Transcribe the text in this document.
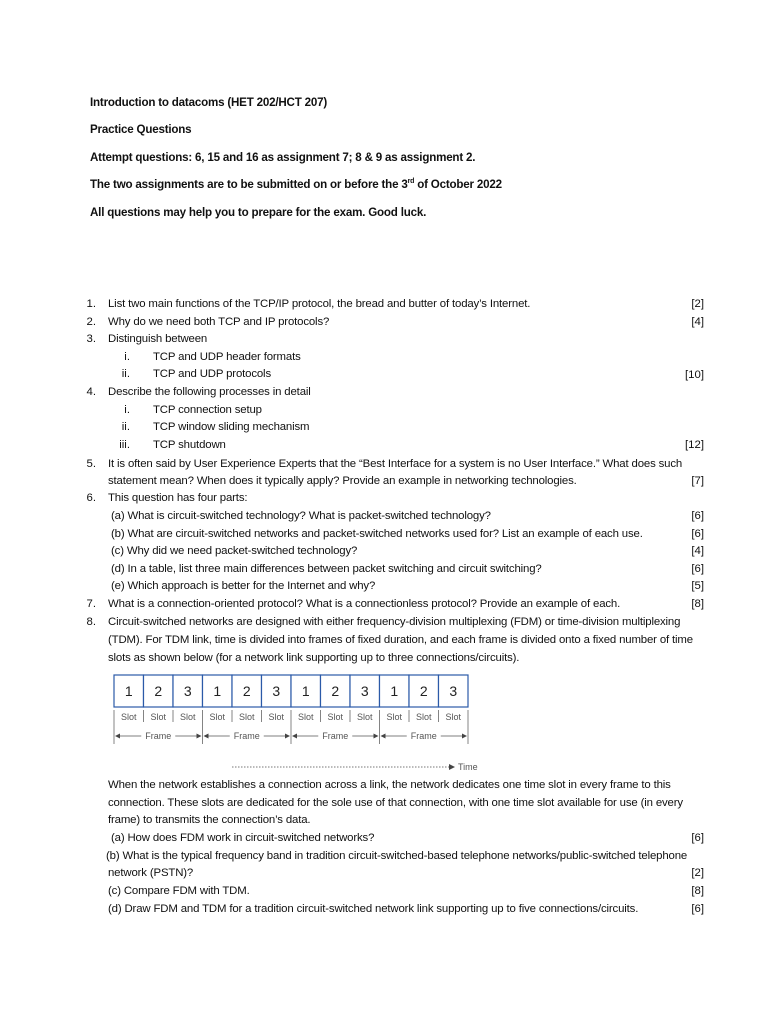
Introduction to datacoms (HET 202/HCT 207)
Practice Questions
Attempt questions: 6, 15 and 16 as assignment 7; 8 & 9 as assignment 2.
The two assignments are to be submitted on or before the 3rd of October 2022
All questions may help you to prepare for the exam. Good luck.
1. List two main functions of the TCP/IP protocol, the bread and butter of today’s Internet.	[2]
2. Why do we need both TCP and IP protocols?	[4]
3. Distinguish between
i. TCP and UDP header formats
ii. TCP and UDP protocols	[10]
4. Describe the following processes in detail
i. TCP connection setup
ii. TCP window sliding mechanism
iii. TCP shutdown	[12]
5. It is often said by User Experience Experts that the “Best Interface for a system is no User Interface.” What does such
statement mean? When does it typically apply? Provide an example in networking technologies.	[7]
6. This question has four parts:
(a) What is circuit-switched technology? What is packet-switched technology?	[6]
(b) What are circuit-switched networks and packet-switched networks used for? List an example of each use.	[6]
(c) Why did we need packet-switched technology?	[4]
(d) In a table, list three main differences between packet switching and circuit switching?	[6]
(e) Which approach is better for the Internet and why?	[5]
7. What is a connection-oriented protocol? What is a connectionless protocol? Provide an example of each.	[8]
8. Circuit-switched networks are designed with either frequency-division multiplexing (FDM) or time-division multiplexing
(TDM). For TDM link, time is divided into frames of fixed duration, and each frame is divided onto a fixed number of time
slots as shown below (for a network link supporting up to three connections/circuits).
1 2 3 1 2 3 1 2 3 1 2 3
Slot Slot Slot Slot Slot Slot Slot Slot Slot Slot Slot Slot
Frame	Frame	Frame	Frame
Time
When the network establishes a connection across a link, the network dedicates one time slot in every frame to this
connection. These slots are dedicated for the sole use of that connection, with one time slot available for use (in every
frame) to transmits the connection’s data.
(a) How does FDM work in circuit-switched networks?	[6]
(b) What is the typical frequency band in tradition circuit-switched-based telephone networks/public-switched telephone
network (PSTN)?	[2]
(c) Compare FDM with TDM.	[8]
(d) Draw FDM and TDM for a tradition circuit-switched network link supporting up to five connections/circuits.	[6]
